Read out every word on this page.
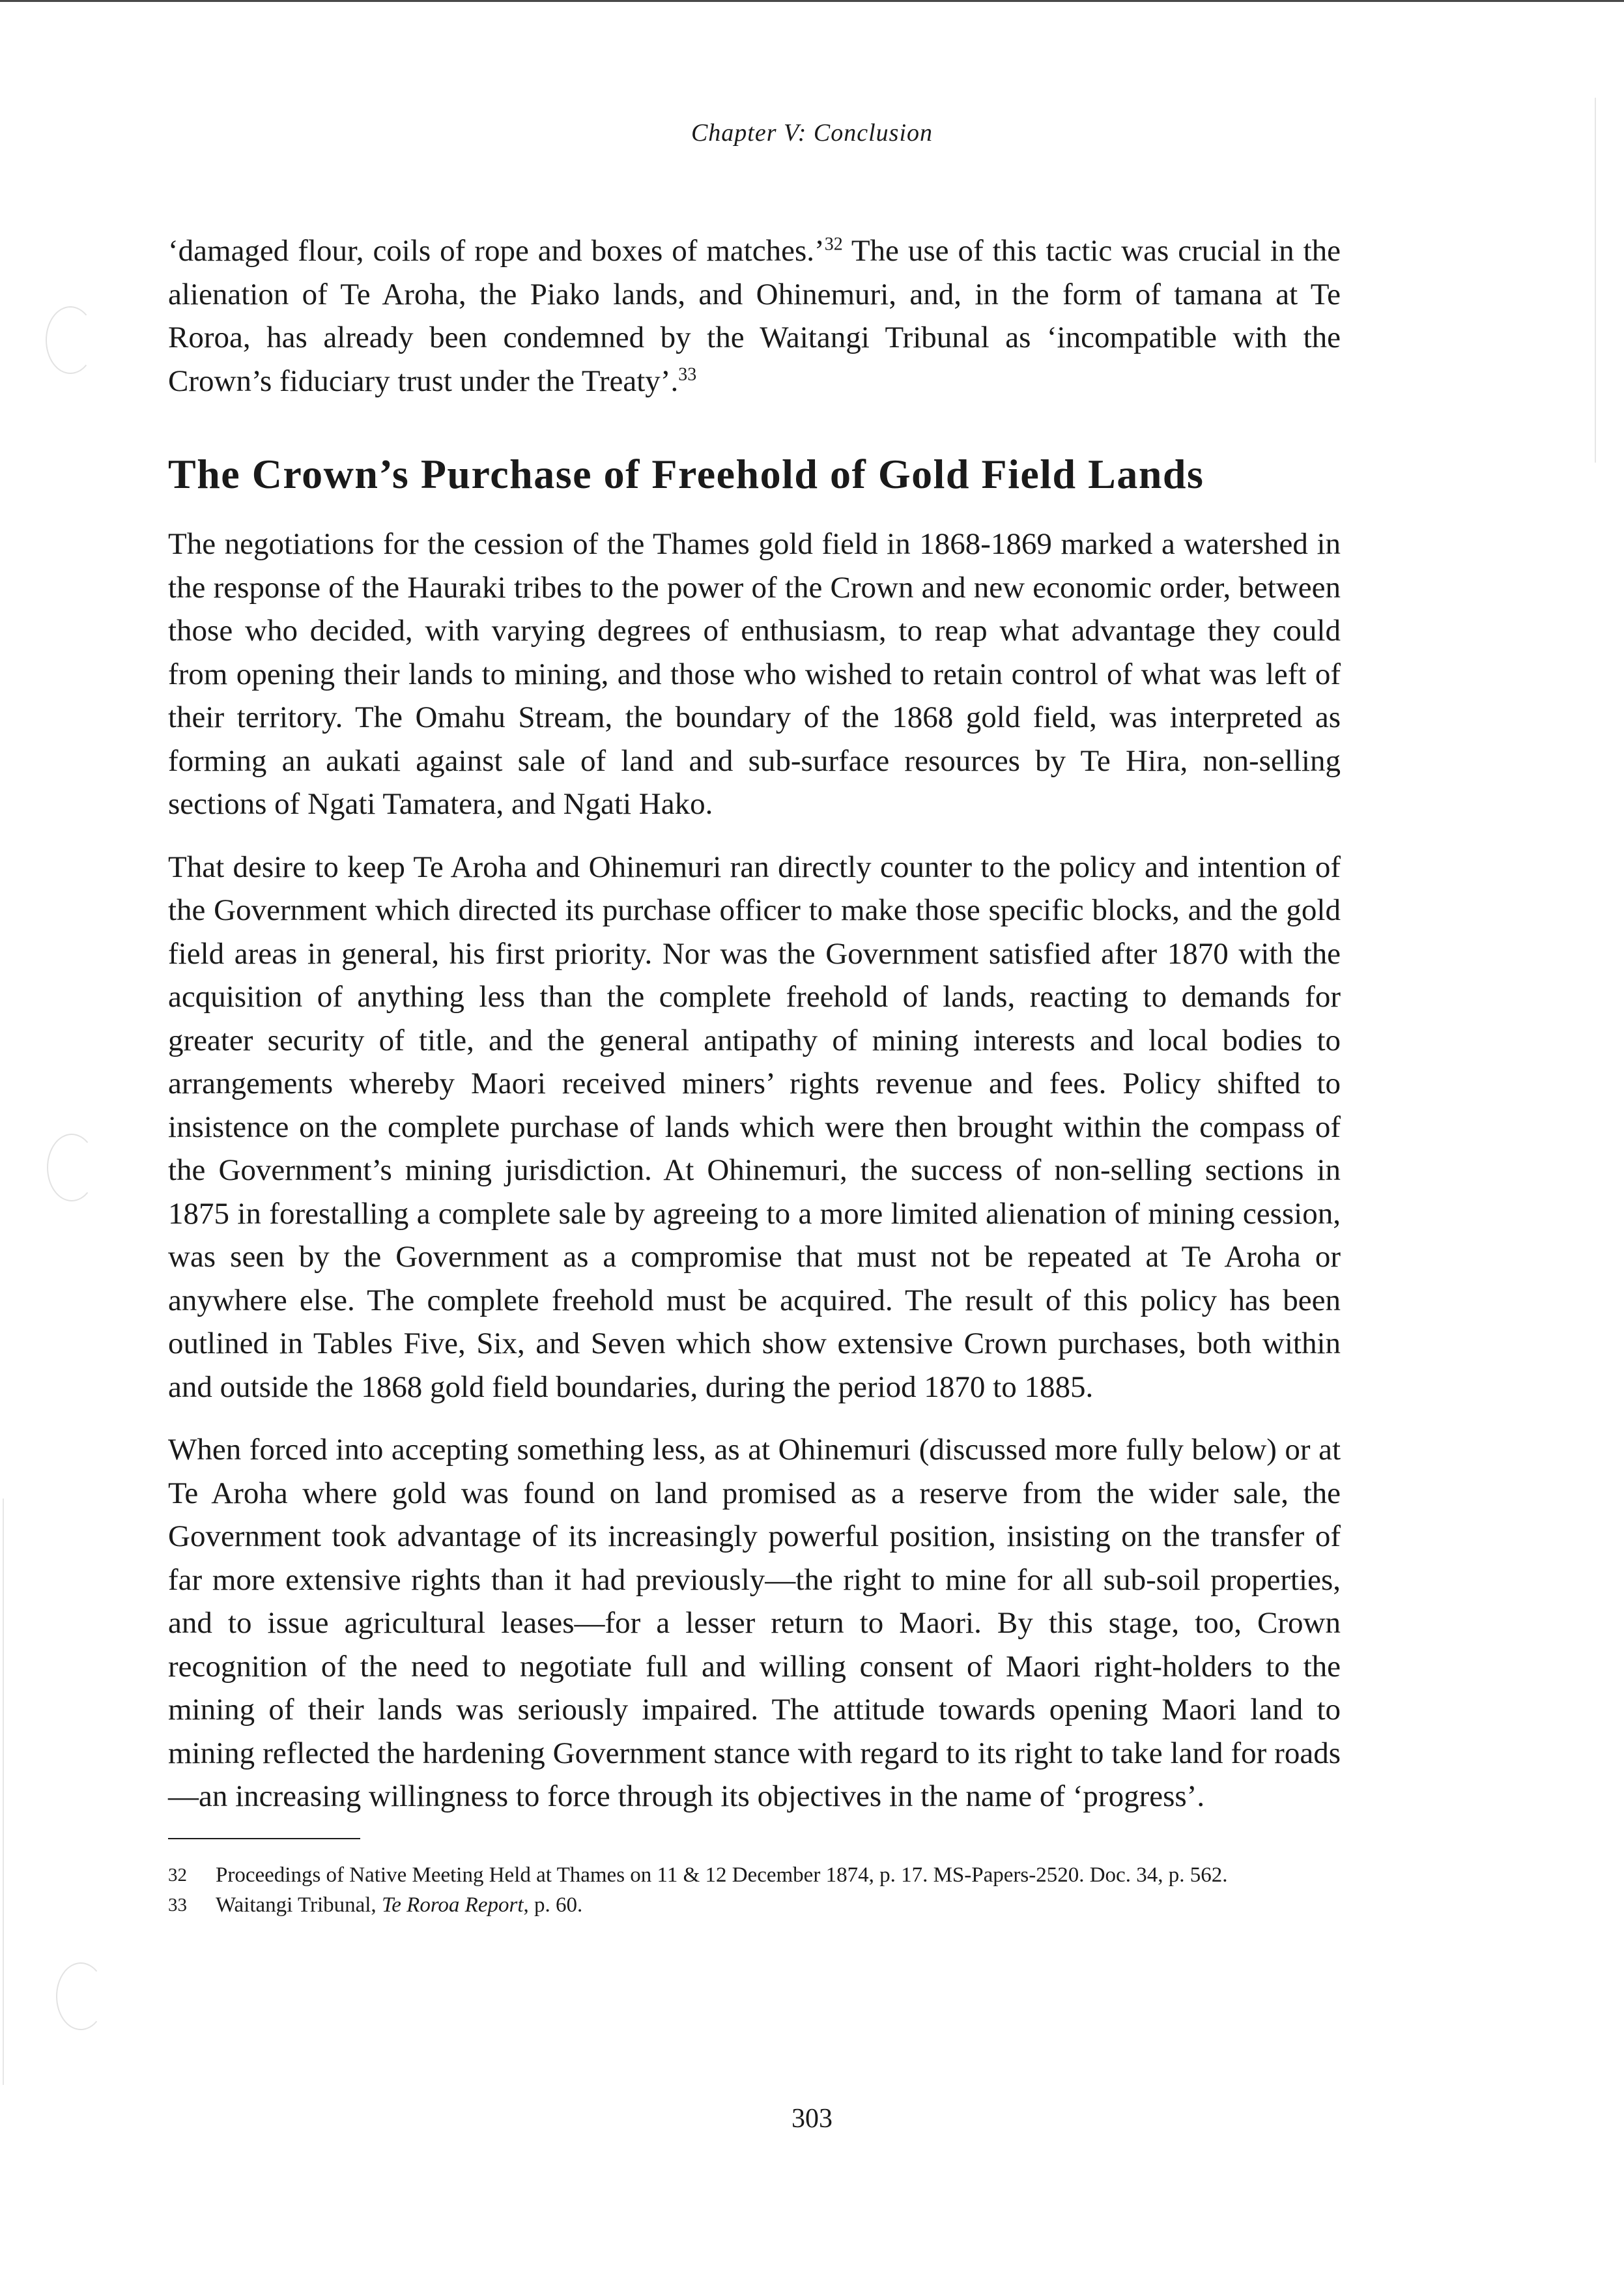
Chapter V: Conclusion

‘damaged flour, coils of rope and boxes of matches.’$^{32}$ The use of this tactic was crucial in the alienation of Te Aroha, the Piako lands, and Ohinemuri, and, in the form of tamana at Te Roroa, has already been condemned by the Waitangi Tribunal as ‘incompatible with the Crown’s fiduciary trust under the Treaty’.$^{33}$

The Crown’s Purchase of Freehold of Gold Field Lands

The negotiations for the cession of the Thames gold field in 1868-1869 marked a watershed in the response of the Hauraki tribes to the power of the Crown and new economic order, between those who decided, with varying degrees of enthusiasm, to reap what advantage they could from opening their lands to mining, and those who wished to retain control of what was left of their territory. The Omahu Stream, the boundary of the 1868 gold field, was interpreted as forming an aukati against sale of land and sub-surface resources by Te Hira, non-selling sections of Ngati Tamatera, and Ngati Hako.

That desire to keep Te Aroha and Ohinemuri ran directly counter to the policy and intention of the Government which directed its purchase officer to make those specific blocks, and the gold field areas in general, his first priority. Nor was the Government satisfied after 1870 with the acquisition of anything less than the complete freehold of lands, reacting to demands for greater security of title, and the general antipathy of mining interests and local bodies to arrangements whereby Maori received miners’ rights revenue and fees. Policy shifted to insistence on the complete purchase of lands which were then brought within the compass of the Government’s mining jurisdiction. At Ohinemuri, the success of non-selling sections in 1875 in forestalling a complete sale by agreeing to a more limited alienation of mining cession, was seen by the Government as a compromise that must not be repeated at Te Aroha or anywhere else. The complete freehold must be acquired. The result of this policy has been outlined in Tables Five, Six, and Seven which show extensive Crown purchases, both within and outside the 1868 gold field boundaries, during the period 1870 to 1885.

When forced into accepting something less, as at Ohinemuri (discussed more fully below) or at Te Aroha where gold was found on land promised as a reserve from the wider sale, the Government took advantage of its increasingly powerful position, insisting on the transfer of far more extensive rights than it had previously—the right to mine for all sub-soil properties, and to issue agricultural leases—for a lesser return to Maori. By this stage, too, Crown recognition of the need to negotiate full and willing consent of Maori right-holders to the mining of their lands was seriously impaired. The attitude towards opening Maori land to mining reflected the hardening Government stance with regard to its right to take land for roads—an increasing willingness to force through its objectives in the name of ‘progress’.

32	Proceedings of Native Meeting Held at Thames on 11 & 12 December 1874, p. 17. MS-Papers-2520. Doc. 34, p. 562.
33	Waitangi Tribunal, Te Roroa Report, p. 60.
303
